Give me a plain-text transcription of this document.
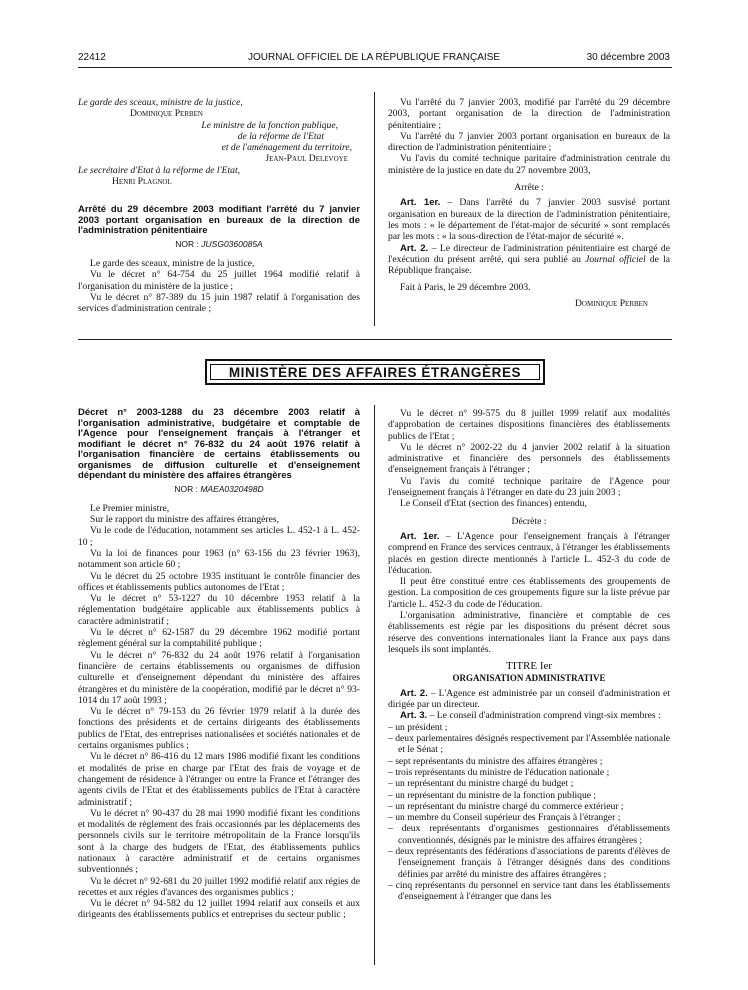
22412	JOURNAL OFFICIEL DE LA RÉPUBLIQUE FRANÇAISE	30 décembre 2003

Le garde des sceaux, ministre de la justice,

Dominique Perben

Le ministre de la fonction publique,

de la réforme de l'Etat

et de l'aménagement du territoire,

Jean-Paul Delevoye

Le secrétaire d'Etat à la réforme de l'Etat,

Henri Plagnol

Arrêté du 29 décembre 2003 modifiant l'arrêté du 7 janvier 2003 portant organisation en bureaux de la direction de l'administration pénitentiaire

NOR : JUSG0360085A

Le garde des sceaux, ministre de la justice,

Vu le décret n° 64-754 du 25 juillet 1964 modifié relatif à l'organisation du ministère de la justice ;

Vu le décret n° 87-389 du 15 juin 1987 relatif à l'organisation des services d'administration centrale ;

Vu l'arrêté du 7 janvier 2003, modifié par l'arrêté du 29 décembre 2003, portant organisation de la direction de l'administration pénitentiaire ;

Vu l'arrêté du 7 janvier 2003 portant organisation en bureaux de la direction de l'administration pénitentiaire ;

Vu l'avis du comité technique paritaire d'administration centrale du ministère de la justice en date du 27 novembre 2003,

Arrête :

Art. 1er. – Dans l'arrêté du 7 janvier 2003 susvisé portant organisation en bureaux de la direction de l'administration pénitentiaire, les mots : « le département de l'état-major de sécurité » sont remplacés par les mots : « la sous-direction de l'état-major de sécurité ».

Art. 2. – Le directeur de l'administration pénitentiaire est chargé de l'exécution du présent arrêté, qui sera publié au Journal officiel de la République française.

Fait à Paris, le 29 décembre 2003.

Dominique Perben

MINISTÈRE DES AFFAIRES ÉTRANGÈRES

Décret n° 2003-1288 du 23 décembre 2003 relatif à l'organisation administrative, budgétaire et comptable de l'Agence pour l'enseignement français à l'étranger et modifiant le décret n° 76-832 du 24 août 1976 relatif à l'organisation financière de certains établissements ou organismes de diffusion culturelle et d'enseignement dépendant du ministère des affaires étrangères

NOR : MAEA0320498D

Le Premier ministre,

Sur le rapport du ministre des affaires étrangères,

Vu le code de l'éducation, notamment ses articles L. 452-1 à L. 452-10 ;

Vu la loi de finances pour 1963 (n° 63-156 du 23 février 1963), notamment son article 60 ;

Vu le décret du 25 octobre 1935 instituant le contrôle financier des offices et établissements publics autonomes de l'Etat ;

Vu le décret n° 53-1227 du 10 décembre 1953 relatif à la réglementation budgétaire applicable aux établissements publics à caractère administratif ;

Vu le décret n° 62-1587 du 29 décembre 1962 modifié portant règlement général sur la comptabilité publique ;

Vu le décret n° 76-832 du 24 août 1976 relatif à l'organisation financière de certains établissements ou organismes de diffusion culturelle et d'enseignement dépendant du ministère des affaires étrangères et du ministère de la coopération, modifié par le décret n° 93-1014 du 17 août 1993 ;

Vu le décret n° 79-153 du 26 février 1979 relatif à la durée des fonctions des présidents et de certains dirigeants des établissements publics de l'Etat, des entreprises nationalisées et sociétés nationales et de certains organismes publics ;

Vu le décret n° 86-416 du 12 mars 1986 modifié fixant les conditions et modalités de prise en charge par l'Etat des frais de voyage et de changement de résidence à l'étranger ou entre la France et l'étranger des agents civils de l'Etat et des établissements publics de l'Etat à caractère administratif ;

Vu le décret n° 90-437 du 28 mai 1990 modifié fixant les conditions et modalités de règlement des frais occasionnés par les déplacements des personnels civils sur le territoire métropolitain de la France lorsqu'ils sont à la charge des budgets de l'Etat, des établissements publics nationaux à caractère administratif et de certains organismes subventionnés ;

Vu le décret n° 92-681 du 20 juillet 1992 modifié relatif aux régies de recettes et aux régies d'avances des organismes publics ;

Vu le décret n° 94-582 du 12 juillet 1994 relatif aux conseils et aux dirigeants des établissements publics et entreprises du secteur public ;

Vu le décret n° 99-575 du 8 juillet 1999 relatif aux modalités d'approbation de certaines dispositions financières des établissements publics de l'Etat ;

Vu le décret n° 2002-22 du 4 janvier 2002 relatif à la situation administrative et financière des personnels des établissements d'enseignement français à l'étranger ;

Vu l'avis du comité technique paritaire de l'Agence pour l'enseignement français à l'étranger en date du 23 juin 2003 ;

Le Conseil d'Etat (section des finances) entendu,

Décrète :

Art. 1er. – L'Agence pour l'enseignement français à l'étranger comprend en France des services centraux, à l'étranger les établissements placés en gestion directe mentionnés à l'article L. 452-3 du code de l'éducation.

Il peut être constitué entre ces établissements des groupements de gestion. La composition de ces groupements figure sur la liste prévue par l'article L. 452-3 du code de l'éducation.

L'organisation administrative, financière et comptable de ces établissements est régie par les dispositions du présent décret sous réserve des conventions internationales liant la France aux pays dans lesquels ils sont implantés.

TITRE Ier

ORGANISATION ADMINISTRATIVE

Art. 2. – L'Agence est administrée par un conseil d'administration et dirigée par un directeur.

Art. 3. – Le conseil d'administration comprend vingt-six membres :

– un président ;

– deux parlementaires désignés respectivement par l'Assemblée nationale et le Sénat ;

– sept représentants du ministre des affaires étrangères ;

– trois représentants du ministre de l'éducation nationale ;

– un représentant du ministre chargé du budget ;

– un représentant du ministre de la fonction publique ;

– un représentant du ministre chargé du commerce extérieur ;

– un membre du Conseil supérieur des Français à l'étranger ;

– deux représentants d'organismes gestionnaires d'établissements conventionnés, désignés par le ministre des affaires étrangères ;

– deux représentants des fédérations d'associations de parents d'élèves de l'enseignement français à l'étranger désignés dans des conditions définies par arrêté du ministre des affaires étrangères ;

– cinq représentants du personnel en service tant dans les établissements d'enseignement à l'étranger que dans les
